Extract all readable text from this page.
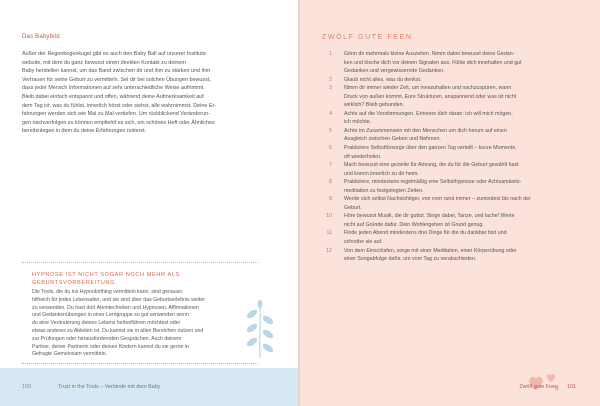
Das Babybild
Außer der Regenbogenkugel gibt es auch den Baby Ball auf unserer Instituts-
website, mit dem du ganz bewusst einen direkten Kontakt zu deinem
Baby herstellen kannst, um das Band zwischen dir und ihm zu stärken und ihm
Vertrauen für seine Geburt zu vermitteln. Sei dir bei solchen Übungen bewusst,
dass jeder Mensch Informationen auf sehr unterschiedliche Weise aufnimmt.
Bleib dabei einfach entspannt und offen, während deine Aufmerksamkeit auf
dem Tag ist, was du fühlst, innerlich hörst oder siehst, alle wahrnimmst. Deine Er-
fahrungen werden sich wie Mal zu Mal vertiefen. Um rückblickend Veränderun-
gen nachverfolgen zu können empfiehlt es sich, ein schönes Heft oder Ähnliches
bereitzulegen in dem du deine Erfahrungen notierst.
HYPNOSE IST NICHT SOGAR NOCH MEHR ALS
GEBURTSVORBEREITUNG
Die Tools, die du ins Hypnobirthing vermitteln kann, sind genauso
hilfreich für jedes Lebensalter, und sie sind über das Geburtserlebnis weiter
zu verwenden. Du hast dort Atemtechniken und Hypnosen, Affirmationen
und Gedankenübungen in einer Lerngruppe so gut verwenden wenn
du eine Veränderung deines Lebens herbeiführen möchtest oder
etwas anderes zu Ableiten ist. Du kannst sie in allen Bereichen nutzen und
zur Prüfungen oder herausfordernden Gesprächen. Auch deinem
Partner, deiner Partnerin oder deinen Kindern kannst du sie gerne in
Gefragte Gemeinsam vermitteln.
100	Trust in the Tools – Verbinde mit dem Baby
ZWÖLF GUTE FEEN
1 Gönn dir mehrmals kleine Auszeiten. Nimm dabei bewusst deine Gedan-
ken und lösche dich vor deinen Signalen aus. Fühle dich innehalten und gut
Gedanken und vergewissernde Gedanken.
2 Glaub nicht alles, was du denkst.
3 Nimm dir immer wieder Zeit, um innezuhalten und nachzuspüren, wann
Druck von außen kommt, Eure Strukturen, anspannend oder was ist nicht
wirklich? Bleib gebunden.
4 Achte auf die Vorstimmungen. Erinnere dich daran: ich will mich mögen,
ich möchte.
5 Achte im Zusammensein mit den Menschen um dich herum auf einen
Ausgleich zwischen Geben und Nehmen.
6 Praktiziere Selbstfürsorge über den ganzen Tag verteilt – kurze Momente,
oft wiederholen.
7 Mach bewusst eine gezielte für Atmung, die du für die Geburt gewählt hast
und komm innerlich zu dir heim.
8 Praktiziere, mindestens regelmäßig eine Selbsthypnose oder Achtsamkeits-
meditation zu festgelegten Zeiten.
9 Werde sich selbst Nachsichtiger, von vorn rund immer – zumindest bis nach der
Geburt.
10 Höre bewusst Musik, die dir guttut. Singe dabei, Tanze, und lache! Werte
nicht auf Gründe dafür. Dein Wohlergehen ist Grund genug.
11 Finde jeden Abend mindestens drei Dinge für die du dankbar bist und
schreibe sie auf.
12 Von dem Einschlafen, sorge mit einer Meditation, einer Körperübung oder
einer Songabfolge dafür, um vom Tag zu verabschieden.
Zwölf gute Feen 101
